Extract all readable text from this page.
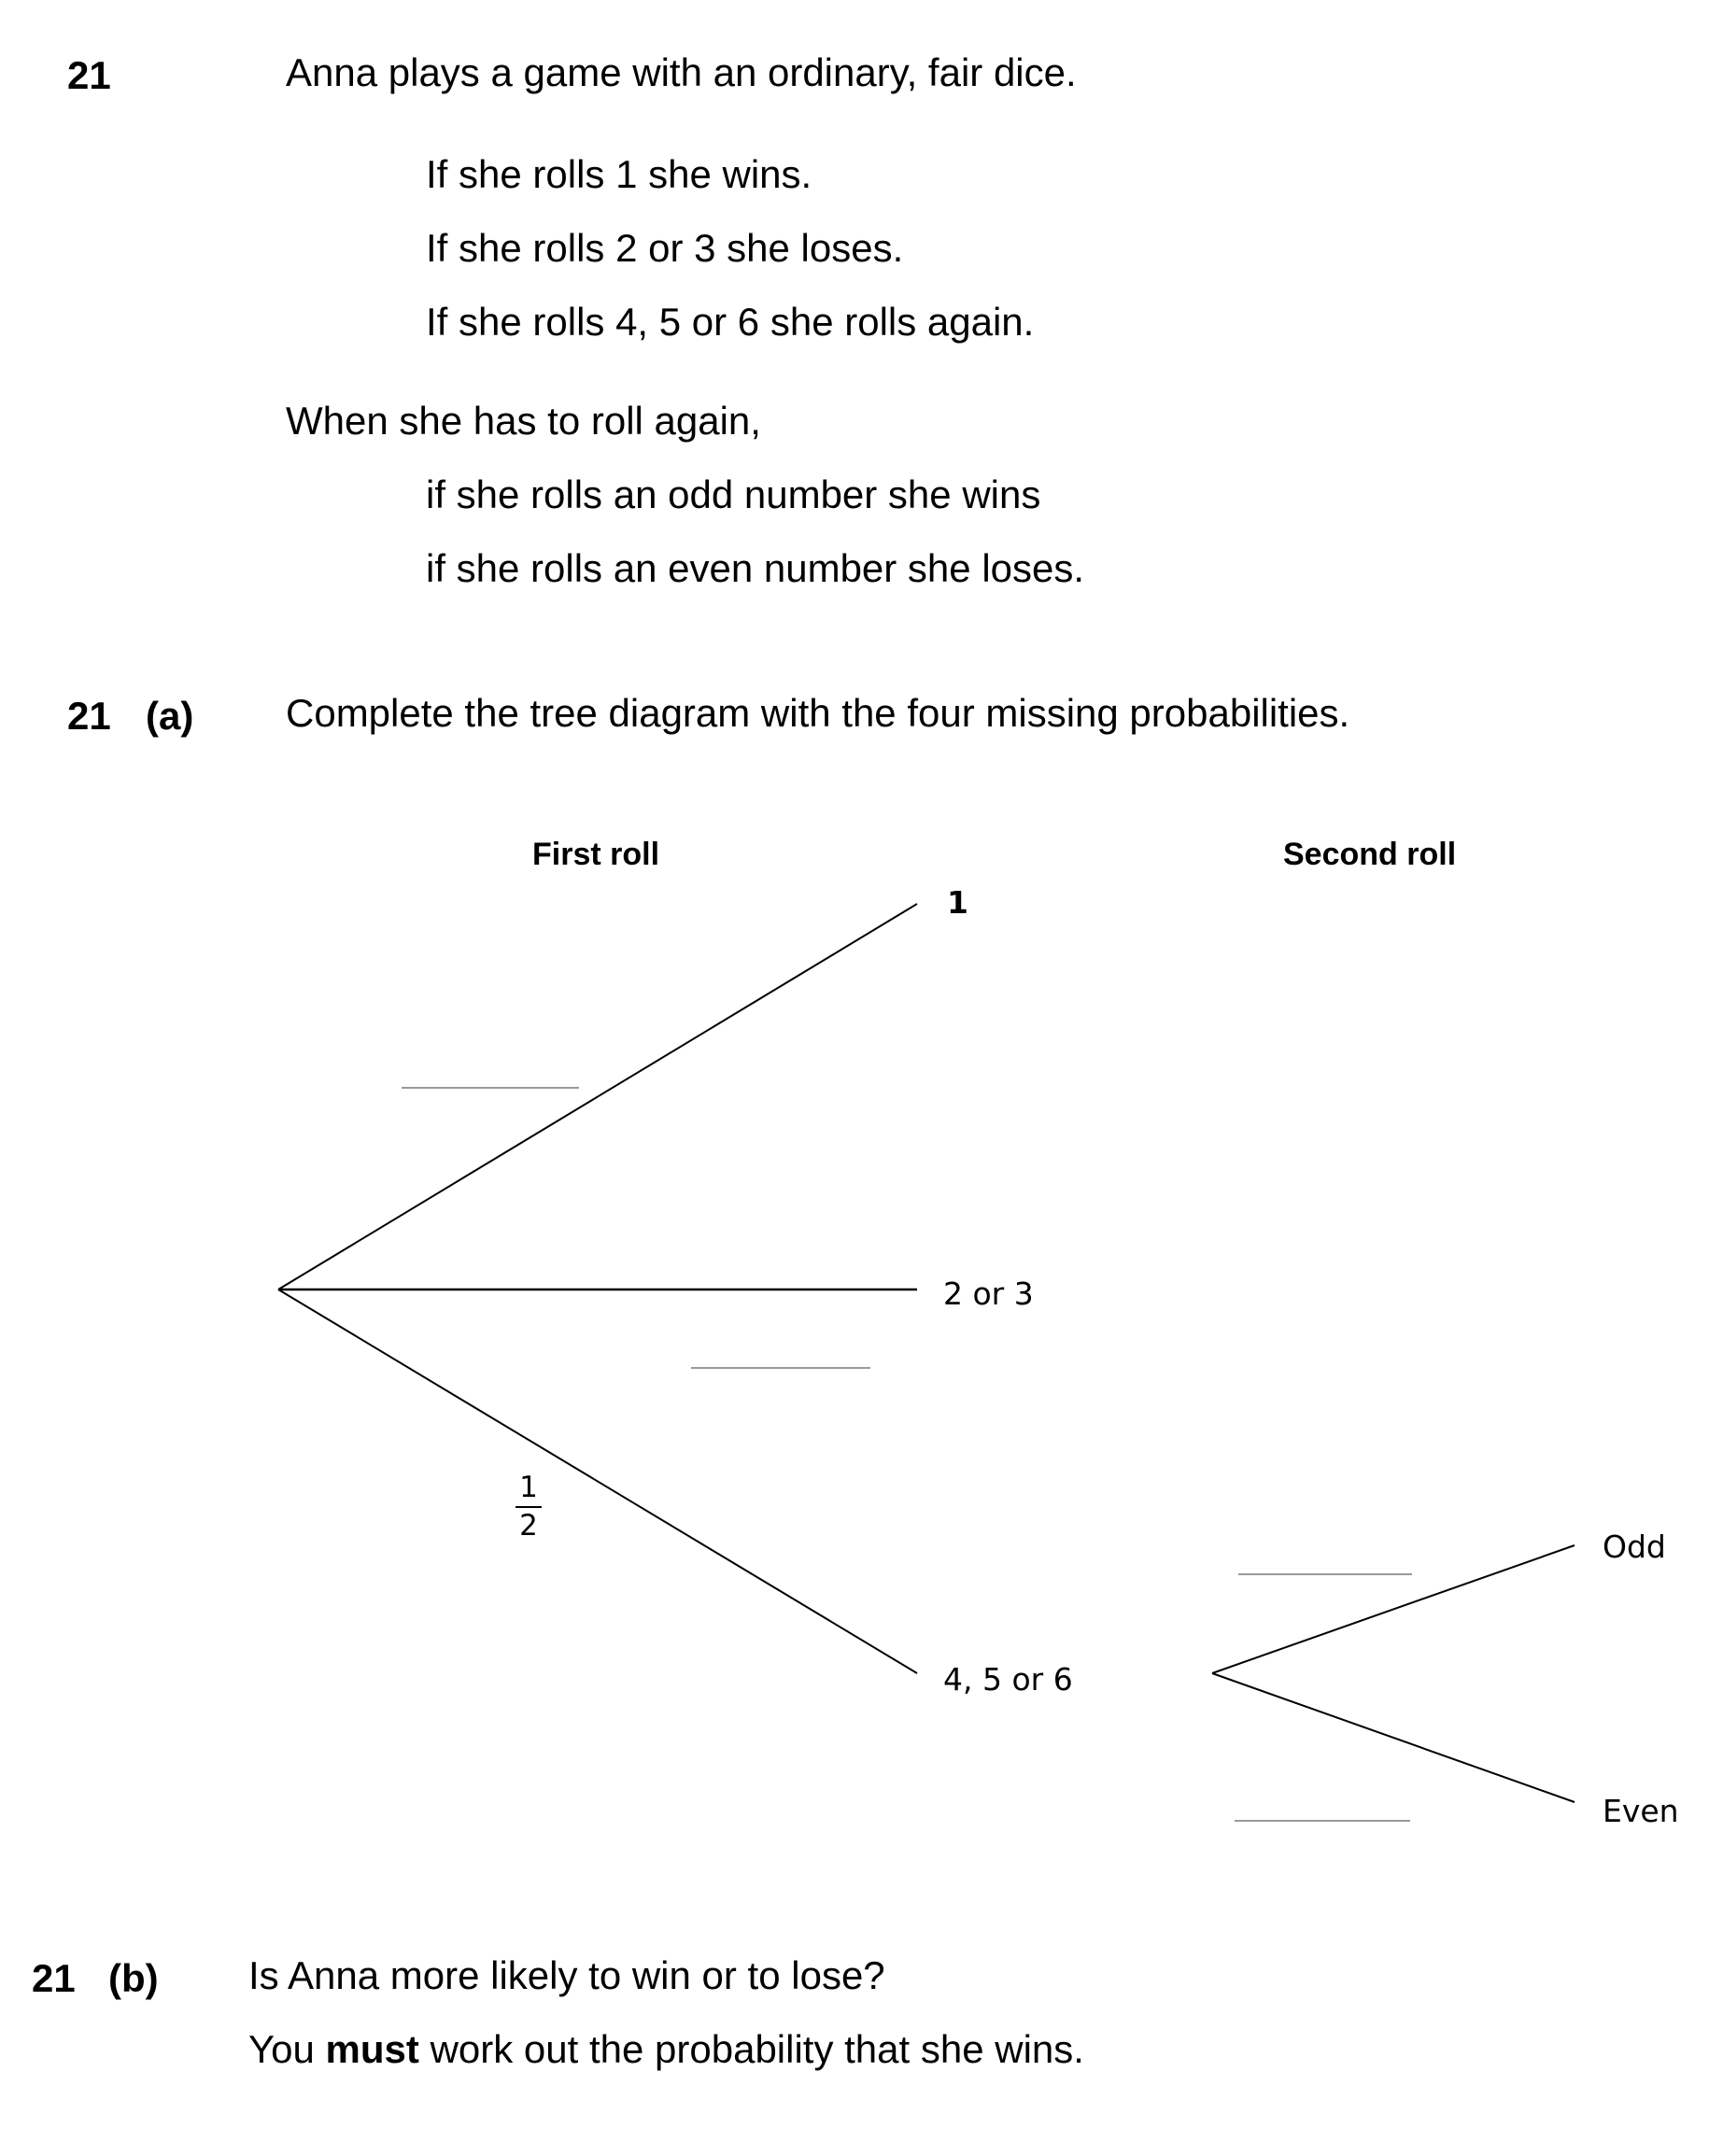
21	Anna plays a game with an ordinary, fair dice.
If she rolls 1 she wins.
If she rolls 2 or 3 she loses.
If she rolls 4, 5 or 6 she rolls again.
When she has to roll again,
if she rolls an odd number she wins
if she rolls an even number she loses.
21 (a) Complete the tree diagram with the four missing probabilities.
First roll	Second roll
1
2 or 3
4, 5 or 6
Odd
Even
1
2
21 (b) Is Anna more likely to win or to lose?
You must work out the probability that she wins.
